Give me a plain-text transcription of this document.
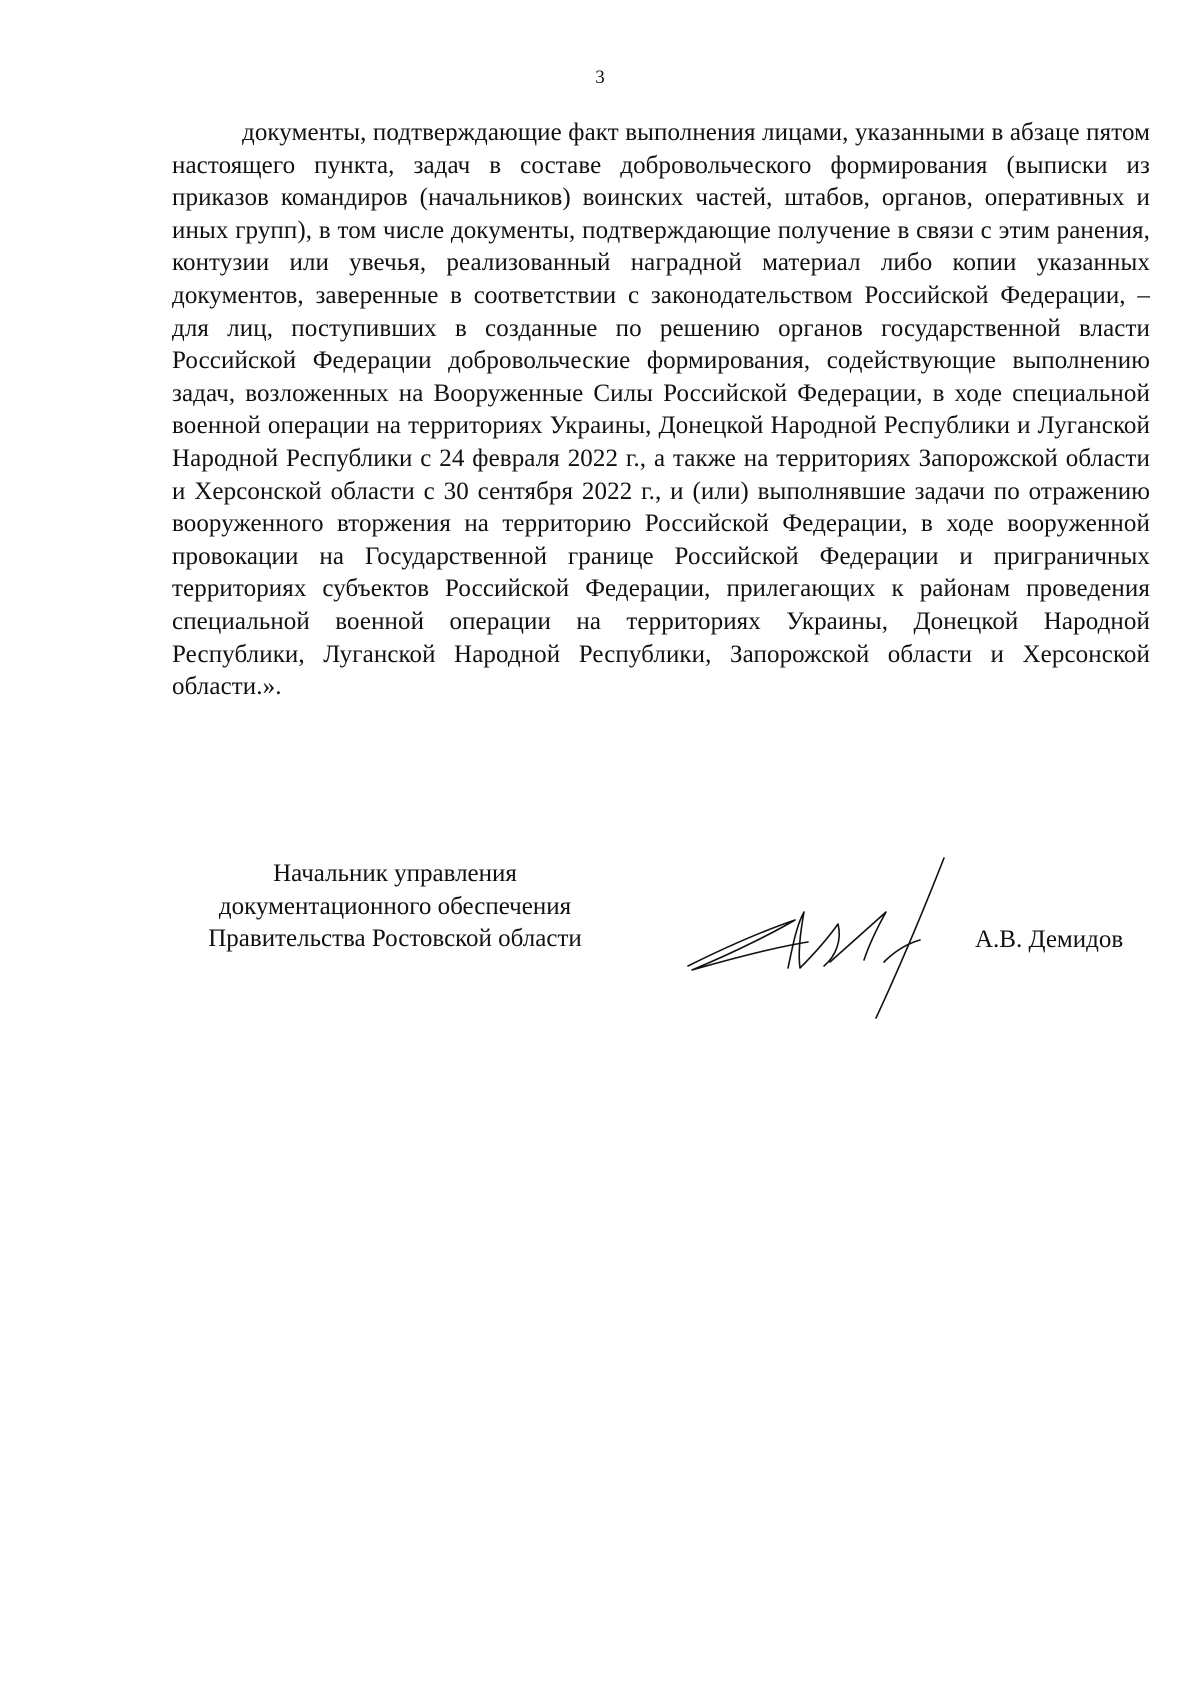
3

документы, подтверждающие факт выполнения лицами, указанными в абзаце пятом настоящего пункта, задач в составе добровольческого формирования (выписки из приказов командиров (начальников) воинских частей, штабов, органов, оперативных и иных групп), в том числе документы, подтверждающие получение в связи с этим ранения, контузии или увечья, реализованный наградной материал либо копии указанных документов, заверенные в соответствии с законодательством Российской Федерации, – для лиц, поступивших в созданные по решению органов государственной власти Российской Федерации добровольческие формирования, содействующие выполнению задач, возложенных на Вооруженные Силы Российской Федерации, в ходе специальной военной операции на территориях Украины, Донецкой Народной Республики и Луганской Народной Республики с 24 февраля 2022 г., а также на территориях Запорожской области и Херсонской области с 30 сентября 2022 г., и (или) выполнявшие задачи по отражению вооруженного вторжения на территорию Российской Федерации, в ходе вооруженной провокации на Государственной границе Российской Федерации и приграничных территориях субъектов Российской Федерации, прилегающих к районам проведения специальной военной операции на территориях Украины, Донецкой Народной Республики, Луганской Народной Республики, Запорожской области и Херсонской области.».

Начальник управления
документационного обеспечения
Правительства Ростовской области	А.В. Демидов
